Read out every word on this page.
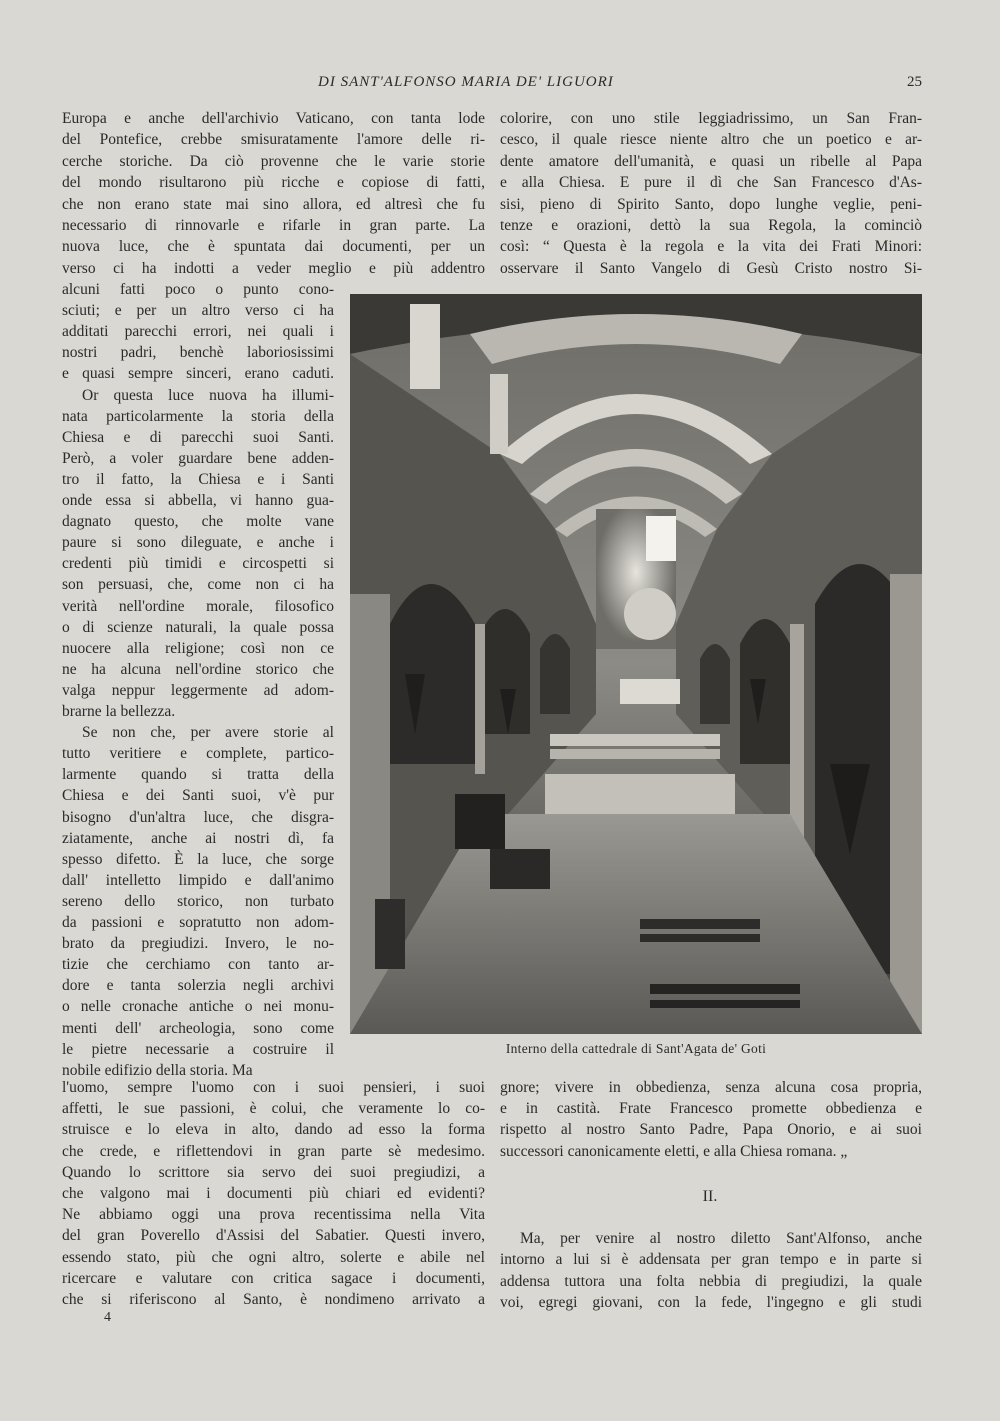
DI SANT'ALFONSO MARIA DE' LIGUORI	25

Europa e anche dell'archivio Vaticano, con tanta lode

del Pontefice, crebbe smisuratamente l'amore delle ri-

cerche storiche. Da ciò provenne che le varie storie

del mondo risultarono più ricche e copiose di fatti,

che non erano state mai sino allora, ed altresì che fu

necessario di rinnovarle e rifarle in gran parte. La

nuova luce, che è spuntata dai documenti, per un

verso ci ha indotti a veder meglio e più addentro

alcuni fatti poco o punto cono-

sciuti; e per un altro verso ci ha

additati parecchi errori, nei quali i

nostri padri, benchè laboriosissimi

e quasi sempre sinceri, erano caduti.

Or questa luce nuova ha illumi-

nata particolarmente la storia della

Chiesa e di parecchi suoi Santi.

Però, a voler guardare bene adden-

tro il fatto, la Chiesa e i Santi

onde essa si abbella, vi hanno gua-

dagnato questo, che molte vane

paure si sono dileguate, e anche i

credenti più timidi e circospetti si

son persuasi, che, come non ci ha

verità nell'ordine morale, filosofico

o di scienze naturali, la quale possa

nuocere alla religione; così non ce

ne ha alcuna nell'ordine storico che

valga neppur leggermente ad adom-

brarne la bellezza.

Se non che, per avere storie al

tutto veritiere e complete, partico-

larmente quando si tratta della

Chiesa e dei Santi suoi, v'è pur

bisogno d'un'altra luce, che disgra-

ziatamente, anche ai nostri dì, fa

spesso difetto. È la luce, che sorge

dall' intelletto limpido e dall'animo

sereno dello storico, non turbato

da passioni e sopratutto non adom-

brato da pregiudizi. Invero, le no-

tizie che cerchiamo con tanto ar-

dore e tanta solerzia negli archivi

o nelle cronache antiche o nei monu-

menti dell' archeologia, sono come

le pietre necessarie a costruire il

nobile edifizio della storia. Ma

l'uomo, sempre l'uomo con i suoi pensieri, i suoi

affetti, le sue passioni, è colui, che veramente lo co-

struisce e lo eleva in alto, dando ad esso la forma

che crede, e riflettendovi in gran parte sè medesimo.

Quando lo scrittore sia servo dei suoi pregiudizi, a

che valgono mai i documenti più chiari ed evidenti?

Ne abbiamo oggi una prova recentissima nella Vita

del gran Poverello d'Assisi del Sabatier. Questi invero,

essendo stato, più che ogni altro, solerte e abile nel

ricercare e valutare con critica sagace i documenti,

che si riferiscono al Santo, è nondimeno arrivato a

colorire, con uno stile leggiadrissimo, un San Fran-

cesco, il quale riesce niente altro che un poetico e ar-

dente amatore dell'umanità, e quasi un ribelle al Papa

e alla Chiesa. E pure il dì che San Francesco d'As-

sisi, pieno di Spirito Santo, dopo lunghe veglie, peni-

tenze e orazioni, dettò la sua Regola, la cominciò

così: “ Questa è la regola e la vita dei Frati Minori:

osservare il Santo Vangelo di Gesù Cristo nostro Si-

gnore; vivere in obbedienza, senza alcuna cosa propria,

e in castità. Frate Francesco promette obbedienza e

rispetto al nostro Santo Padre, Papa Onorio, e ai suoi

successori canonicamente eletti, e alla Chiesa romana. „

Ma, per venire al nostro diletto Sant'Alfonso, anche

intorno a lui si è addensata per gran tempo e in parte si

addensa tuttora una folta nebbia di pregiudizi, la quale

voi, egregi giovani, con la fede, l'ingegno e gli studi

Interno della cattedrale di Sant'Agata de' Goti
II.
4
